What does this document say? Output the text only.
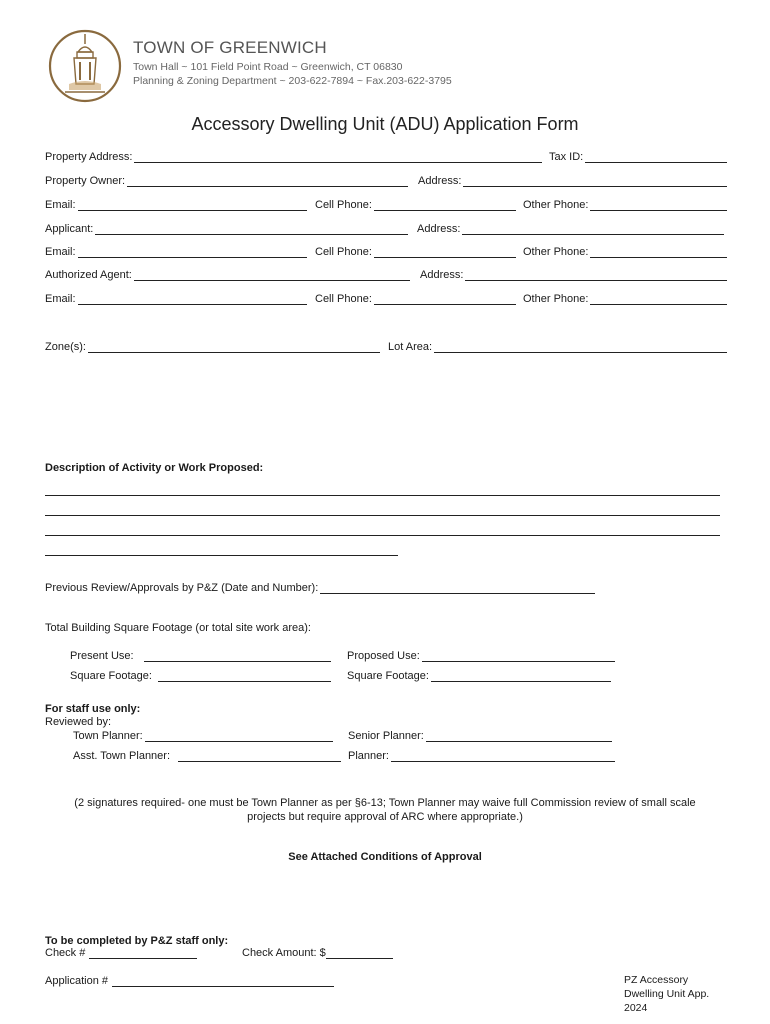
TOWN OF GREENWICH
Town Hall ~ 101 Field Point Road ~ Greenwich, CT 06830
Planning & Zoning Department ~ 203-622-7894 ~ Fax.203-622-3795
Accessory Dwelling Unit (ADU) Application Form
Property Address:	Tax ID:
Property Owner:	Address:
Email:	Cell Phone:	Other Phone:
Applicant:	Address:
Email:	Cell Phone:	Other Phone:
Authorized Agent:	Address:
Email:	Cell Phone:	Other Phone:
Zone(s):	Lot Area:
Description of Activity or Work Proposed:
Previous Review/Approvals by P&Z (Date and Number):
Total Building Square Footage (or total site work area):
Present Use:	Proposed Use:
Square Footage:	Square Footage:
For staff use only:
Reviewed by:
Town Planner:	Senior Planner:
Asst. Town Planner:	Planner:
(2 signatures required- one must be Town Planner as per §6-13; Town Planner may waive full Commission review of small scale
projects but require approval of ARC where appropriate.)
See Attached Conditions of Approval
To be completed by P&Z staff only:
Check #	Check Amount: $
Application #	PZ Accessory
Dwelling Unit App.
2024
